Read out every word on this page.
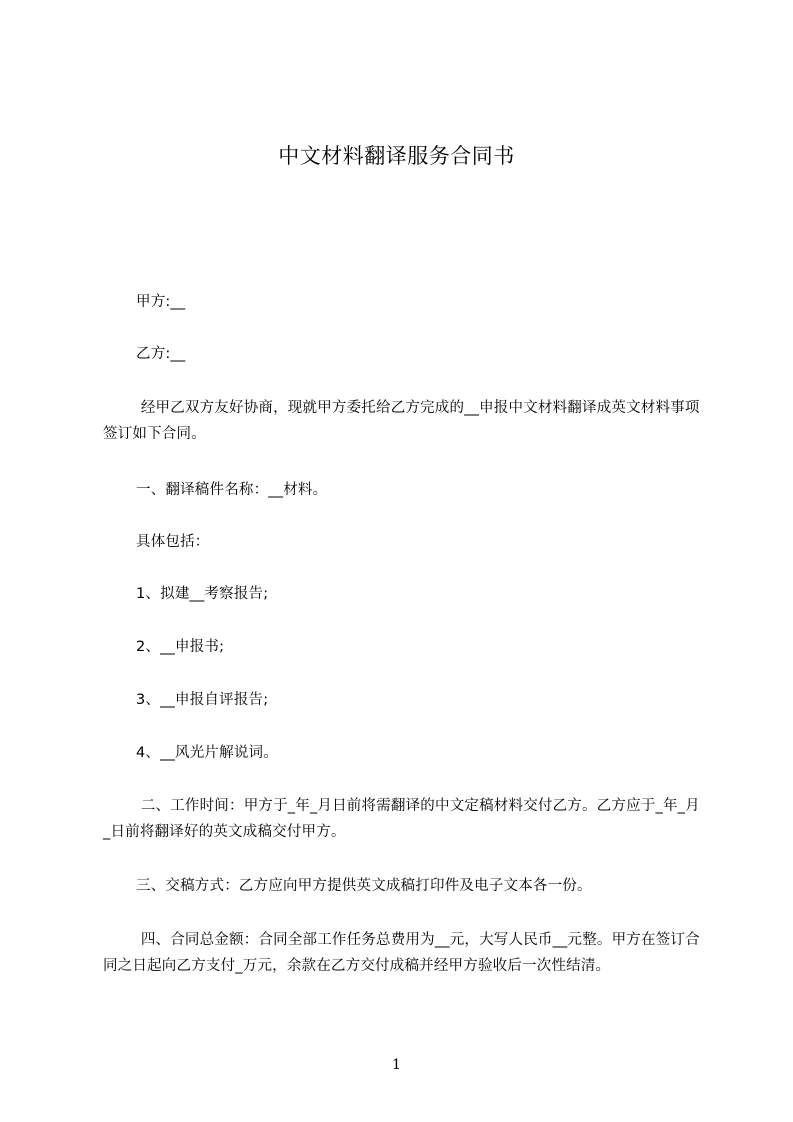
中文材料翻译服务合同书
甲方:__
乙方:__
经甲乙双方友好协商，现就甲方委托给乙方完成的__申报中文材料翻译成英文材料事项签订如下合同。
一、翻译稿件名称：__材料。
具体包括：
1、拟建__考察报告;
2、__申报书;
3、__申报自评报告;
4、__风光片解说词。
二、工作时间：甲方于_年_月日前将需翻译的中文定稿材料交付乙方。乙方应于_年_月_日前将翻译好的英文成稿交付甲方。
三、交稿方式：乙方应向甲方提供英文成稿打印件及电子文本各一份。
四、合同总金额：合同全部工作任务总费用为__元，大写人民币__元整。甲方在签订合同之日起向乙方支付_万元，余款在乙方交付成稿并经甲方验收后一次性结清。
1
